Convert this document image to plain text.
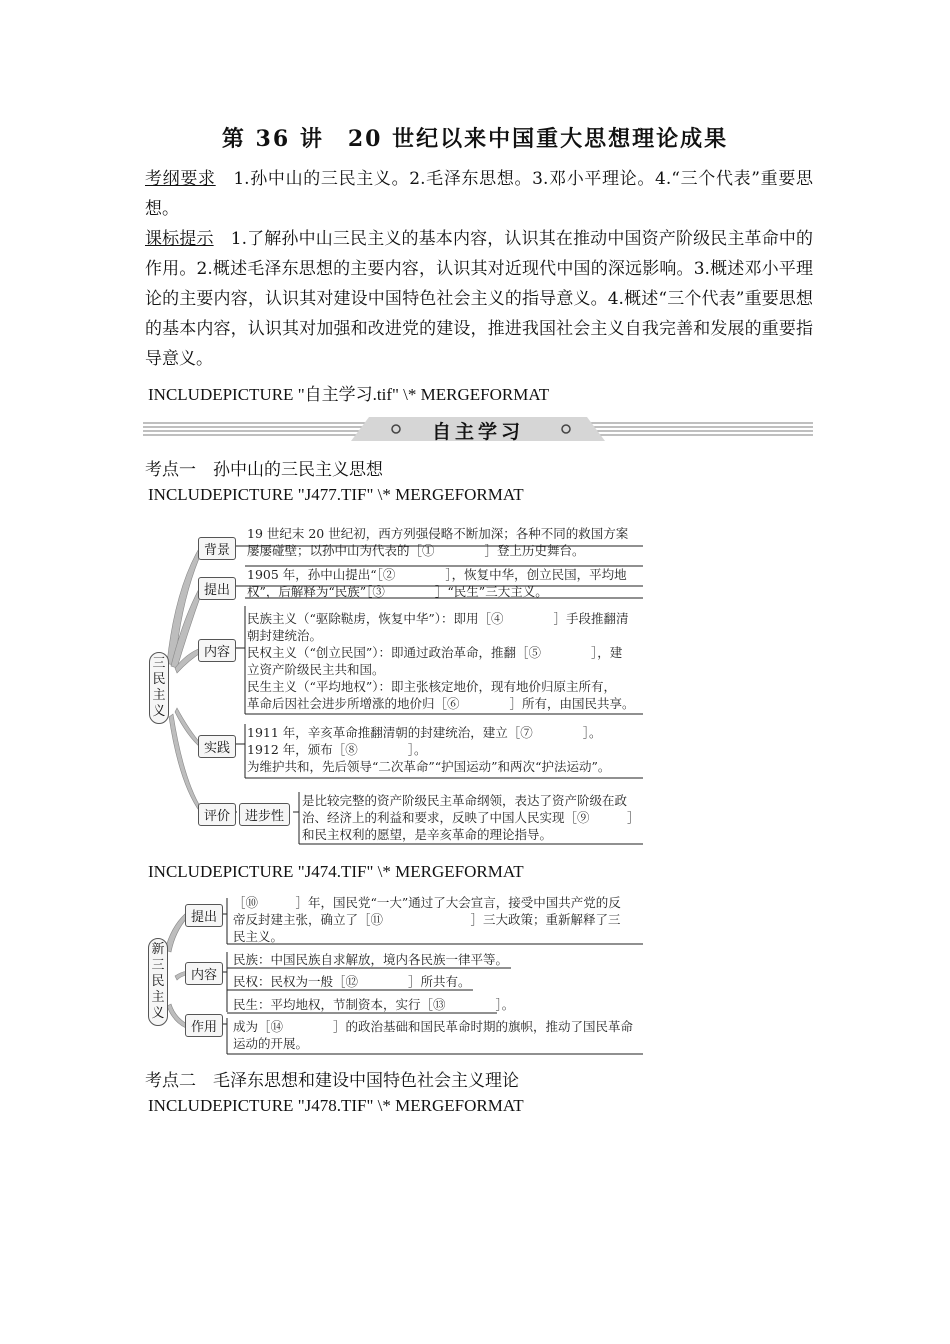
第 36 讲　20 世纪以来中国重大思想理论成果
考纲要求　1.孙中山的三民主义。2.毛泽东思想。3.邓小平理论。4.“三个代表”重要思想。
课标提示　1.了解孙中山三民主义的基本内容，认识其在推动中国资产阶级民主革命中的作用。2.概述毛泽东思想的主要内容，认识其对近现代中国的深远影响。3.概述邓小平理论的主要内容，认识其对建设中国特色社会主义的指导意义。4.概述“三个代表”重要思想的基本内容，认识其对加强和改进党的建设，推进我国社会主义自我完善和发展的重要指导意义。
INCLUDEPICTURE "自主学习.tif" \* MERGEFORMAT
自主学习
考点一　孙中山的三民主义思想
INCLUDEPICTURE "J477.TIF" \* MERGEFORMAT
三民主义
背景
19 世纪末 20 世纪初，西方列强侵略不断加深；各种不同的救国方案
屡屡碰壁；以孙中山为代表的［①　　　　］登上历史舞台。
提出
1905 年，孙中山提出“［②　　　　］，恢复中华，创立民国，平均地
权”，后解释为“民族”［③　　　　］“民生”三大主义。
内容
民族主义（“驱除鞑虏，恢复中华”）：即用［④　　　　］手段推翻清
朝封建统治。
民权主义（“创立民国”）：即通过政治革命，推翻［⑤　　　　］，建
立资产阶级民主共和国。
民生主义（“平均地权”）：即主张核定地价，现有地价归原主所有，
革命后因社会进步所增涨的地价归［⑥　　　　］所有，由国民共享。
实践
1911 年，辛亥革命推翻清朝的封建统治，建立［⑦　　　　］。
1912 年，颁布［⑧　　　　］。
为维护共和，先后领导“二次革命”“护国运动”和两次“护法运动”。
评价	进步性
是比较完整的资产阶级民主革命纲领，表达了资产阶级在政
治、经济上的利益和要求，反映了中国人民实现［⑨　　　］
和民主权利的愿望，是辛亥革命的理论指导。
INCLUDEPICTURE "J474.TIF" \* MERGEFORMAT
新三民主义
提出
［⑩　　　］年，国民党“一大”通过了大会宣言，接受中国共产党的反
帝反封建主张，确立了［⑪　　　　　　　］三大政策；重新解释了三
民主义。
内容
民族：中国民族自求解放，境内各民族一律平等。
民权：民权为一般［⑫　　　　］所共有。
民生：平均地权，节制资本，实行［⑬　　　　］。
作用	成为［⑭　　　　］的政治基础和国民革命时期的旗帜，推动了国民革命
运动的开展。
考点二　毛泽东思想和建设中国特色社会主义理论
INCLUDEPICTURE "J478.TIF" \* MERGEFORMAT
